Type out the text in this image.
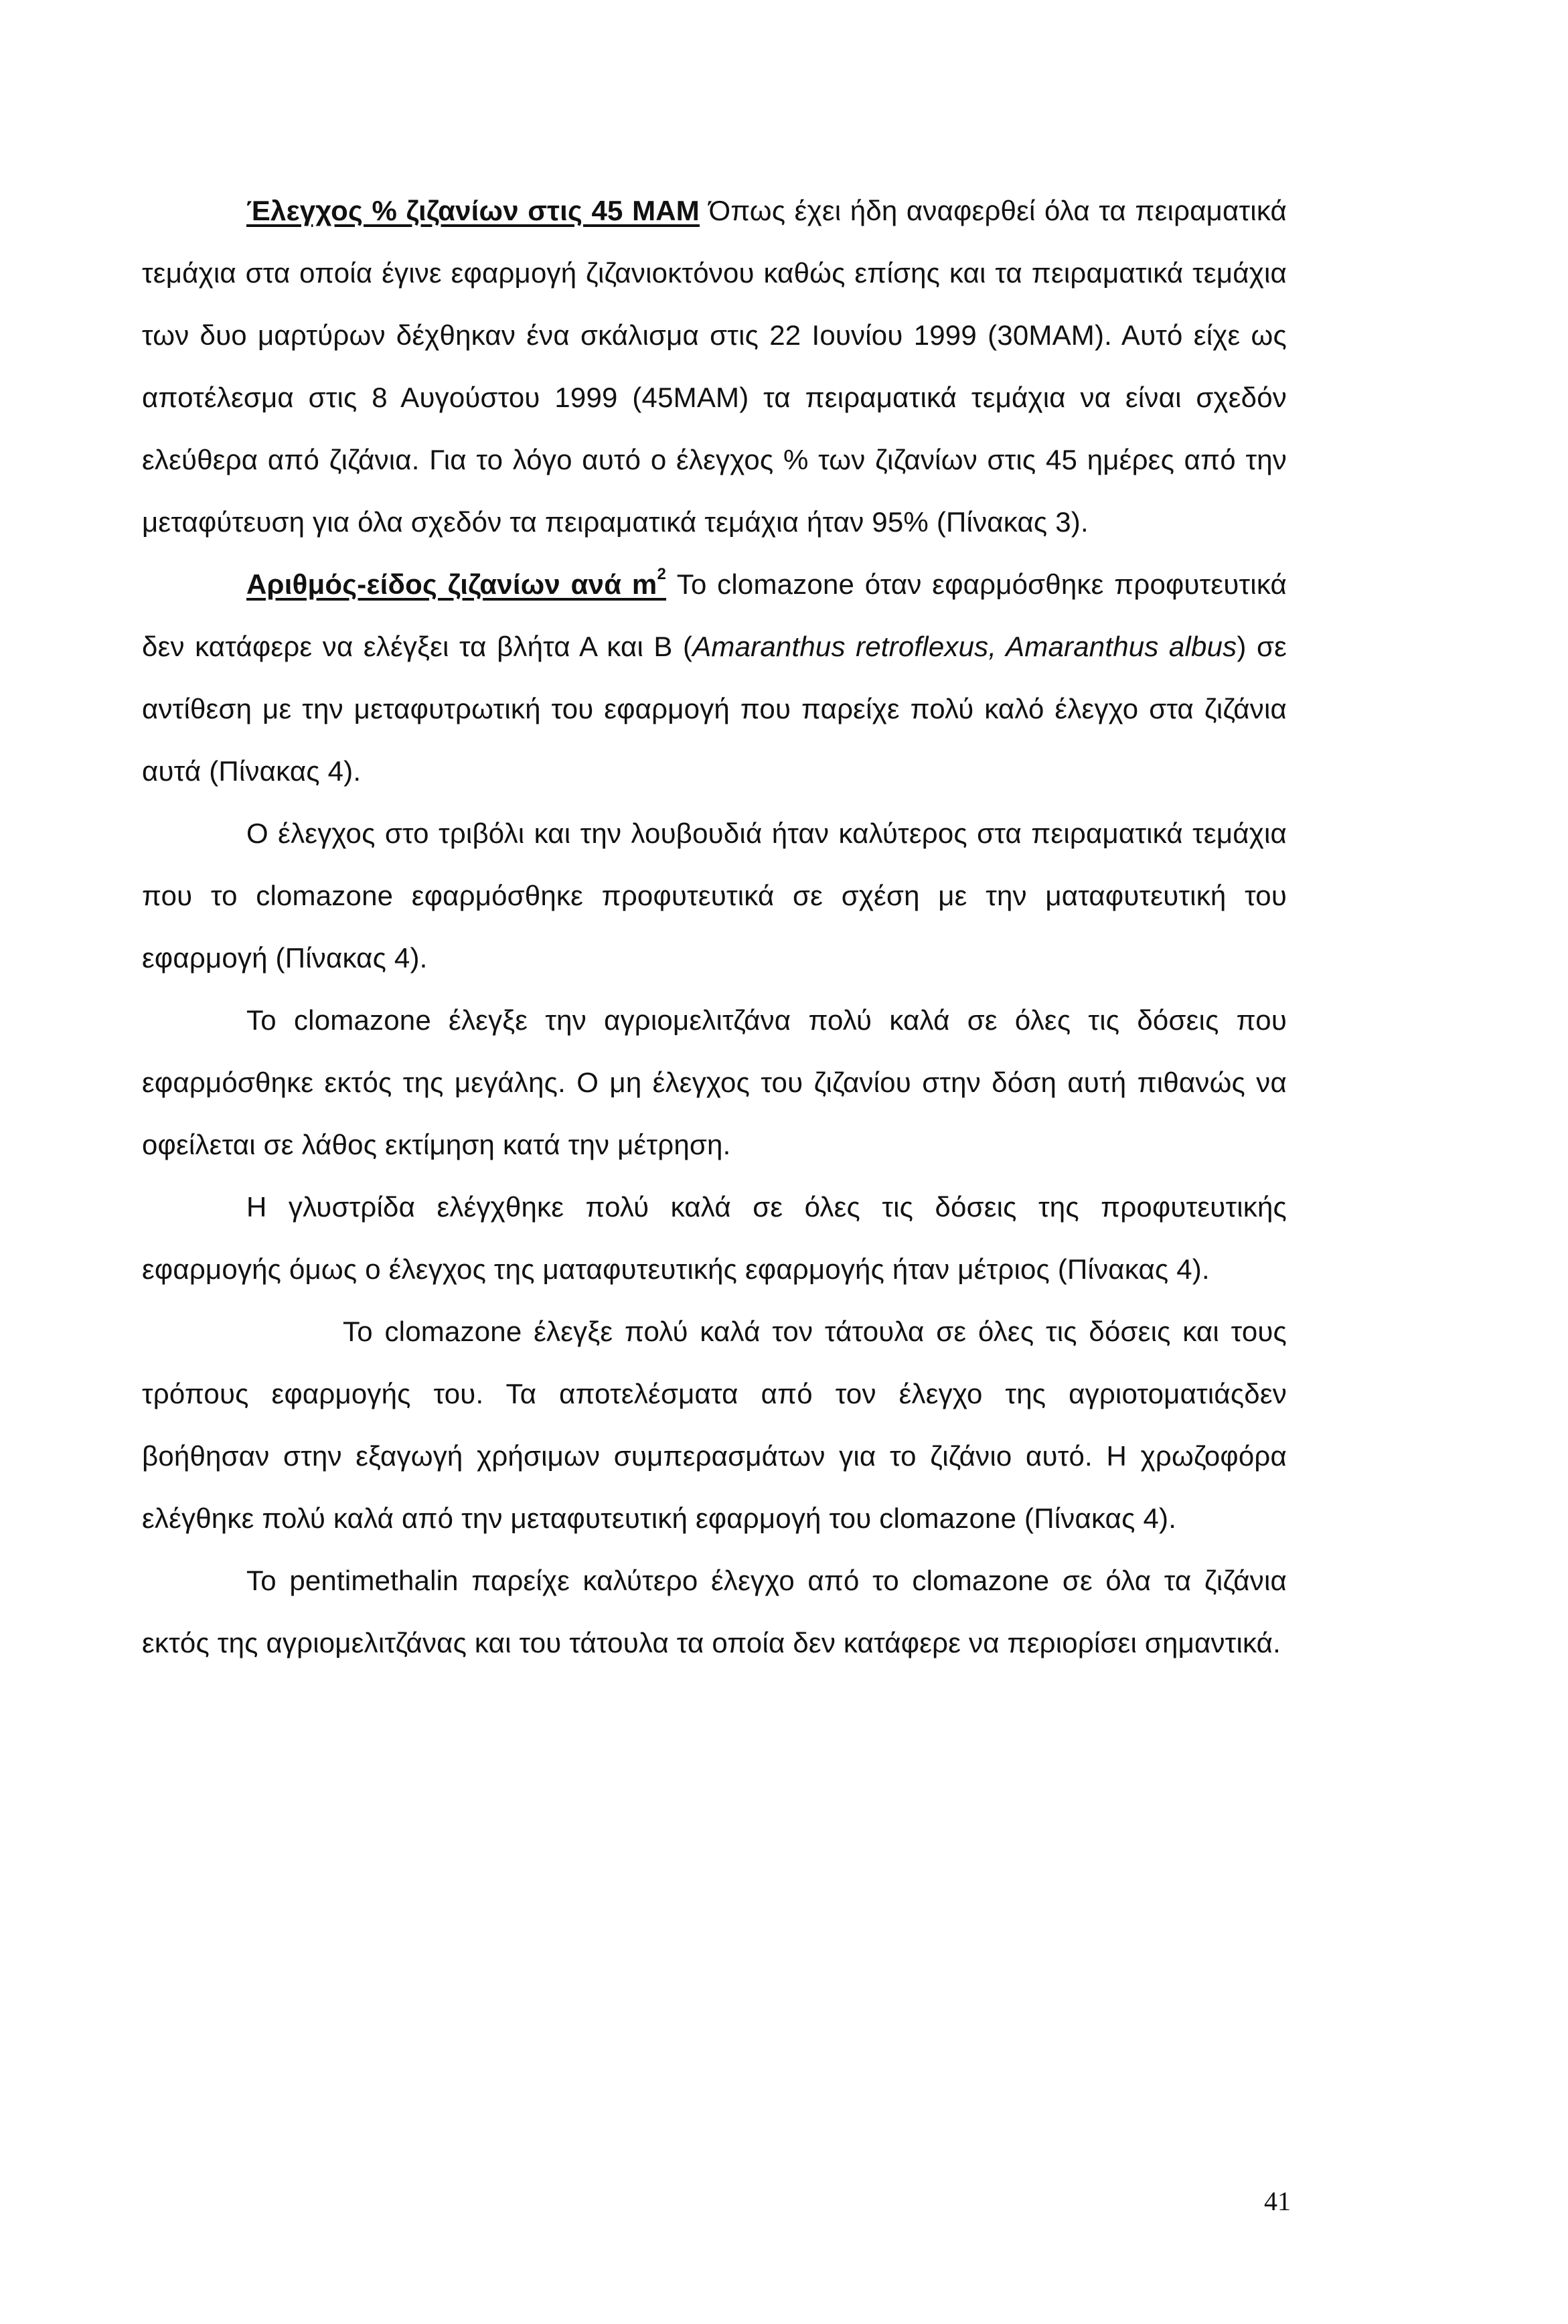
Έλεγχος % ζιζανίων στις 45 ΜΑΜ Όπως έχει ήδη αναφερθεί όλα τα πειραματικά τεμάχια στα οποία έγινε εφαρμογή ζιζανιοκτόνου καθώς επίσης και τα πειραματικά τεμάχια των δυο μαρτύρων δέχθηκαν ένα σκάλισμα στις 22 Ιουνίου 1999 (30ΜΑΜ). Αυτό είχε ως αποτέλεσμα στις 8 Αυγούστου 1999 (45ΜΑΜ) τα πειραματικά τεμάχια να είναι σχεδόν ελεύθερα από ζιζάνια. Για το λόγο αυτό ο έλεγχος % των ζιζανίων στις 45 ημέρες από την μεταφύτευση για όλα σχεδόν τα πειραματικά τεμάχια ήταν 95% (Πίνακας 3).

Αριθμός-είδος ζιζανίων ανά $m^2$ Το clomazone όταν εφαρμόσθηκε προφυτευτικά δεν κατάφερε να ελέγξει τα βλήτα Α και Β (Amaranthus retroflexus, Amaranthus albus) σε αντίθεση με την μεταφυτρωτική του εφαρμογή που παρείχε πολύ καλό έλεγχο στα ζιζάνια αυτά (Πίνακας 4).

Ο έλεγχος στο τριβόλι και την λουβουδιά ήταν καλύτερος στα πειραματικά τεμάχια που το clomazone εφαρμόσθηκε προφυτευτικά σε σχέση με την ματαφυτευτική του εφαρμογή (Πίνακας 4).

Το clomazone έλεγξε την αγριομελιτζάνα πολύ καλά σε όλες τις δόσεις που εφαρμόσθηκε εκτός της μεγάλης. Ο μη έλεγχος του ζιζανίου στην δόση αυτή πιθανώς να οφείλεται σε λάθος εκτίμηση κατά την μέτρηση.

Η γλυστρίδα ελέγχθηκε πολύ καλά σε όλες τις δόσεις της προφυτευτικής εφαρμογής όμως ο έλεγχος της ματαφυτευτικής εφαρμογής ήταν μέτριος (Πίνακας 4).

Το clomazone έλεγξε πολύ καλά τον τάτουλα σε όλες τις δόσεις και τους τρόπους εφαρμογής του. Τα αποτελέσματα από τον έλεγχο της αγριοτοματιάςδεν βοήθησαν στην εξαγωγή χρήσιμων συμπερασμάτων για το ζιζάνιο αυτό. Η χρωζοφόρα ελέγθηκε πολύ καλά από την μεταφυτευτική εφαρμογή του clomazone (Πίνακας 4).

Το pentimethalin παρείχε καλύτερο έλεγχο από το clomazone σε όλα τα ζιζάνια εκτός της αγριομελιτζάνας και του τάτουλα τα οποία δεν κατάφερε να περιορίσει σημαντικά.

41
